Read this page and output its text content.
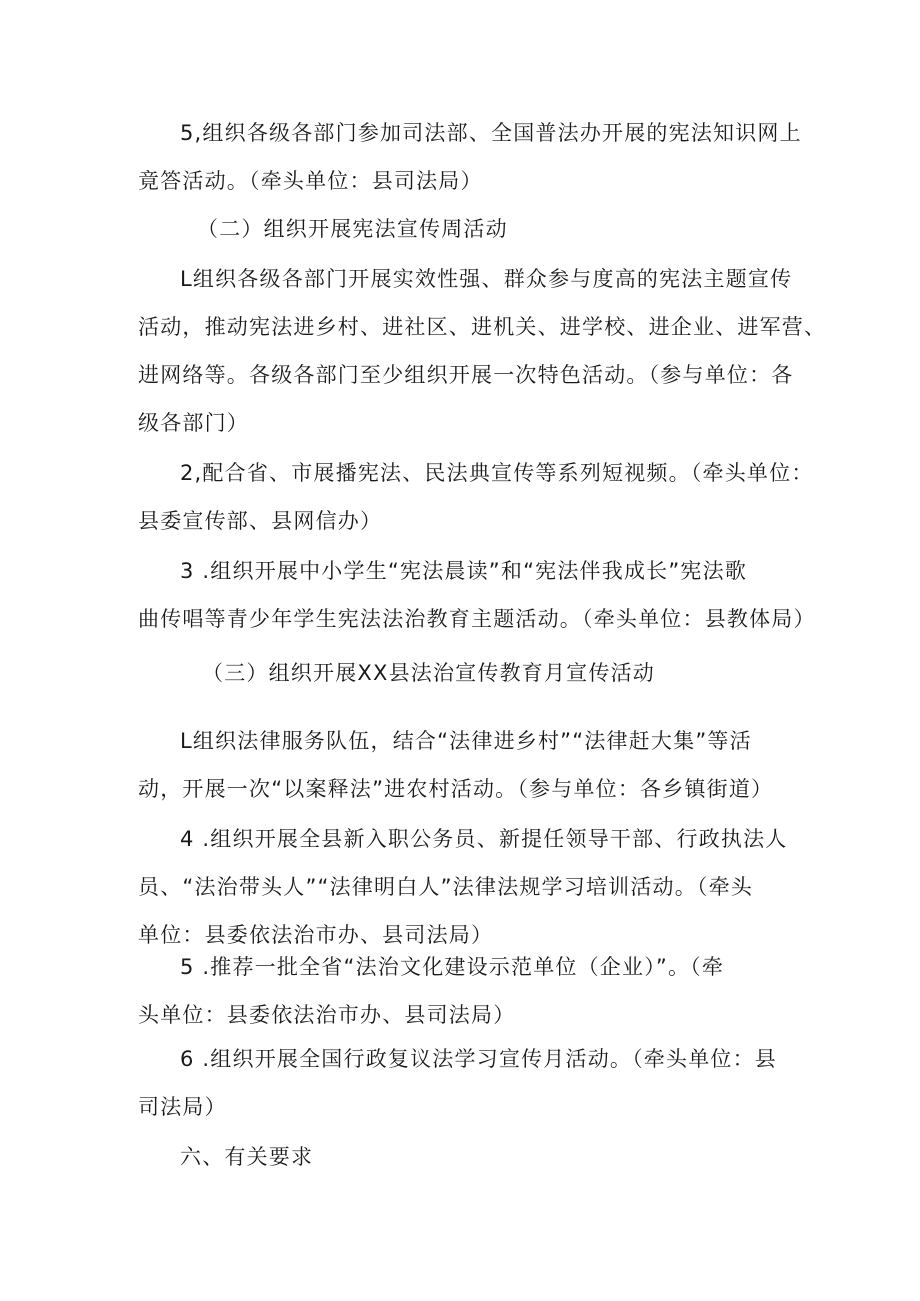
5,组织各级各部门参加司法部、全国普法办开展的宪法知识网上
竟答活动。（牵头单位：县司法局）
（二）组织开展宪法宣传周活动
L组织各级各部门开展实效性强、群众参与度高的宪法主题宣传
活动，推动宪法进乡村、进社区、进机关、进学校、进企业、进军营、
进网络等。各级各部门至少组织开展一次特色活动。（参与单位：各
级各部门）
2,配合省、市展播宪法、民法典宣传等系列短视频。（牵头单位：
县委宣传部、县网信办）
3 .组织开展中小学生“宪法晨读”和“宪法伴我成长”宪法歌
曲传唱等青少年学生宪法法治教育主题活动。（牵头单位：县教体局）
（三）组织开展XX县法治宣传教育月宣传活动
L组织法律服务队伍，结合“法律进乡村”“法律赶大集”等活
动，开展一次“以案释法”进农村活动。（参与单位：各乡镇街道）
4 .组织开展全县新入职公务员、新提任领导干部、行政执法人
员、“法治带头人”“法律明白人”法律法规学习培训活动。（牵头
单位：县委依法治市办、县司法局）
5 .推荐一批全省“法治文化建设示范单位（企业）”。（牵
头单位：县委依法治市办、县司法局）
6 .组织开展全国行政复议法学习宣传月活动。（牵头单位：县
司法局）
六、有关要求
